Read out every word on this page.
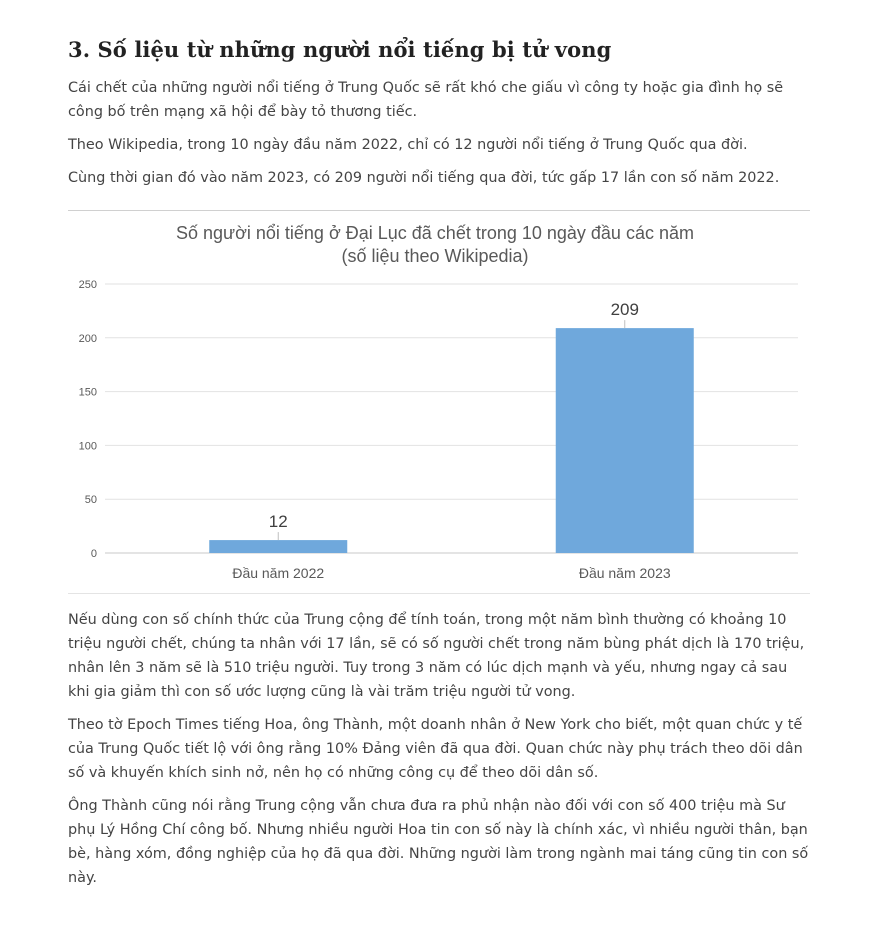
3. Số liệu từ những người nổi tiếng bị tử vong

Cái chết của những người nổi tiếng ở Trung Quốc sẽ rất khó che giấu vì công ty hoặc gia đình họ sẽ công bố trên mạng xã hội để bày tỏ thương tiếc.

Theo Wikipedia, trong 10 ngày đầu năm 2022, chỉ có 12 người nổi tiếng ở Trung Quốc qua đời.

Cùng thời gian đó vào năm 2023, có 209 người nổi tiếng qua đời, tức gấp 17 lần con số năm 2022.

Số người nổi tiếng ở Đại Lục đã chết trong 10 ngày đầu các năm
(số liệu theo Wikipedia)
0
50
100
150
200
250
12
209
Đầu năm 2022	Đầu năm 2023

Nếu dùng con số chính thức của Trung cộng để tính toán, trong một năm bình thường có khoảng 10 triệu người chết, chúng ta nhân với 17 lần, sẽ có số người chết trong năm bùng phát dịch là 170 triệu, nhân lên 3 năm sẽ là 510 triệu người. Tuy trong 3 năm có lúc dịch mạnh và yếu, nhưng ngay cả sau khi gia giảm thì con số ước lượng cũng là vài trăm triệu người tử vong.

Theo tờ Epoch Times tiếng Hoa, ông Thành, một doanh nhân ở New York cho biết, một quan chức y tế của Trung Quốc tiết lộ với ông rằng 10% Đảng viên đã qua đời. Quan chức này phụ trách theo dõi dân số và khuyến khích sinh nở, nên họ có những công cụ để theo dõi dân số.

Ông Thành cũng nói rằng Trung cộng vẫn chưa đưa ra phủ nhận nào đối với con số 400 triệu mà Sư phụ Lý Hồng Chí công bố. Nhưng nhiều người Hoa tin con số này là chính xác, vì nhiều người thân, bạn bè, hàng xóm, đồng nghiệp của họ đã qua đời. Những người làm trong ngành mai táng cũng tin con số này.
